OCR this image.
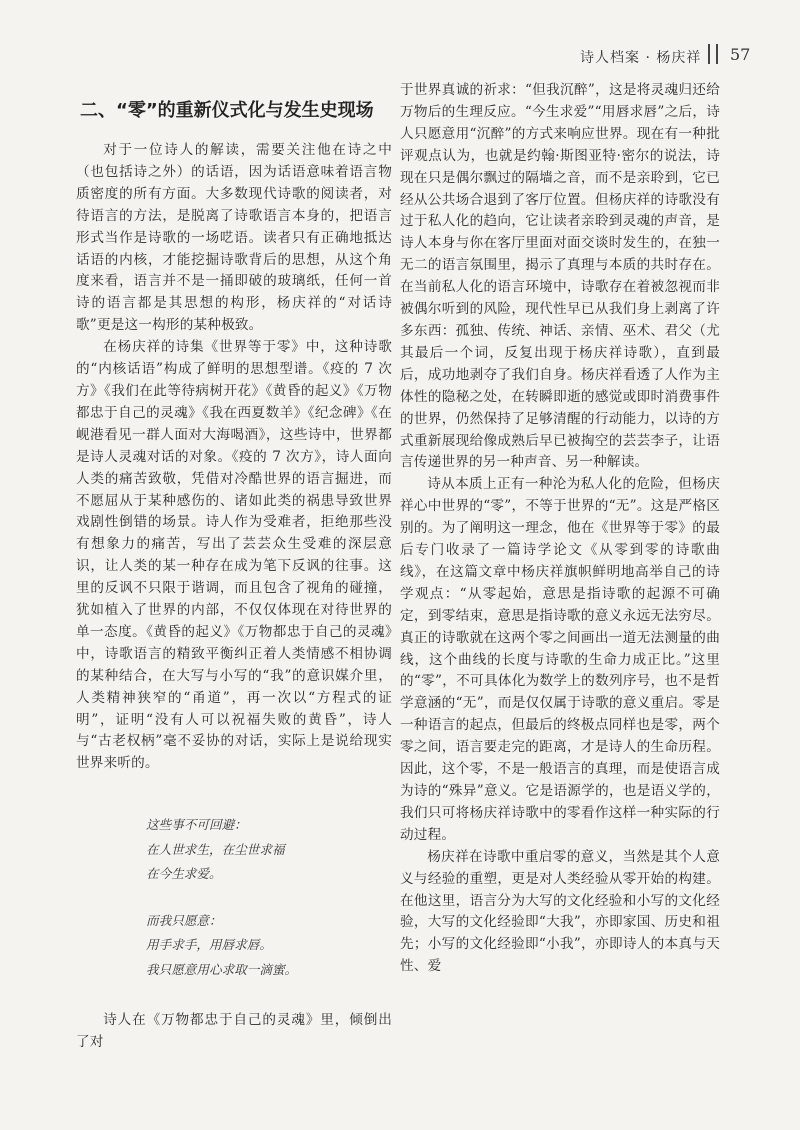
诗人档案 · 杨庆祥 57
二、“零”的重新仪式化与发生史现场

对于一位诗人的解读，需要关注他在诗之中（也包括诗之外）的话语，因为话语意味着语言物质密度的所有方面。大多数现代诗歌的阅读者，对待语言的方法，是脱离了诗歌语言本身的，把语言形式当作是诗歌的一场呓语。读者只有正确地抵达话语的内核，才能挖掘诗歌背后的思想，从这个角度来看，语言并不是一捅即破的玻璃纸，任何一首诗的语言都是其思想的构形，杨庆祥的“对话诗歌”更是这一构形的某种极致。

在杨庆祥的诗集《世界等于零》中，这种诗歌的“内核话语”构成了鲜明的思想型谱。《疫的 7 次方》《我们在此等待病树开花》《黄昏的起义》《万物都忠于自己的灵魂》《我在西夏数羊》《纪念碑》《在岘港看见一群人面对大海喝酒》，这些诗中，世界都是诗人灵魂对话的对象。《疫的 7 次方》，诗人面向人类的痛苦致敬，凭借对冷酷世界的语言掘进，而不愿屈从于某种感伤的、诸如此类的祸患导致世界戏剧性倒错的场景。诗人作为受难者，拒绝那些没有想象力的痛苦，写出了芸芸众生受难的深层意识，让人类的某一种存在成为笔下反讽的往事。这里的反讽不只限于谐调，而且包含了视角的碰撞，犹如植入了世界的内部，不仅仅体现在对待世界的单一态度。《黄昏的起义》《万物都忠于自己的灵魂》中，诗歌语言的精致平衡纠正着人类情感不相协调的某种结合，在大写与小写的“我”的意识媒介里，人类精神狭窄的“甬道”，再一次以“方程式的证明”，证明“没有人可以祝福失败的黄昏”，诗人与“古老权柄”毫不妥协的对话，实际上是说给现实世界来听的。

这些事不可回避：
在人世求生，在尘世求福
在今生求爱。
而我只愿意：
用手求手，用唇求唇。
我只愿意用心求取一滴蜜。

诗人在《万物都忠于自己的灵魂》里，倾倒出了对

于世界真诚的祈求：“但我沉醉”，这是将灵魂归还给万物后的生理反应。“今生求爱”“用唇求唇”之后，诗人只愿意用“沉醉”的方式来响应世界。现在有一种批评观点认为，也就是约翰·斯图亚特·密尔的说法，诗现在只是偶尔飘过的隔墙之音，而不是亲聆到，它已经从公共场合退到了客厅位置。但杨庆祥的诗歌没有过于私人化的趋向，它让读者亲聆到灵魂的声音，是诗人本身与你在客厅里面对面交谈时发生的，在独一无二的语言氛围里，揭示了真理与本质的共时存在。在当前私人化的语言环境中，诗歌存在着被忽视而非被偶尔听到的风险，现代性早已从我们身上剥离了许多东西：孤独、传统、神话、亲情、巫术、君父（尤其最后一个词，反复出现于杨庆祥诗歌），直到最后，成功地剥夺了我们自身。杨庆祥看透了人作为主体性的隐秘之处，在转瞬即逝的感觉或即时消费事件的世界，仍然保持了足够清醒的行动能力，以诗的方式重新展现给像成熟后早已被掏空的芸芸李子，让语言传递世界的另一种声音、另一种解读。

诗从本质上正有一种沦为私人化的危险，但杨庆祥心中世界的“零”，不等于世界的“无”。这是严格区别的。为了阐明这一理念，他在《世界等于零》的最后专门收录了一篇诗学论文《从零到零的诗歌曲线》，在这篇文章中杨庆祥旗帜鲜明地高举自己的诗学观点：“从零起始，意思是指诗歌的起源不可确定，到零结束，意思是指诗歌的意义永远无法穷尽。真正的诗歌就在这两个零之间画出一道无法测量的曲线，这个曲线的长度与诗歌的生命力成正比。”这里的“零”，不可具体化为数学上的数列序号，也不是哲学意涵的“无”，而是仅仅属于诗歌的意义重启。零是一种语言的起点，但最后的终极点同样也是零，两个零之间，语言要走完的距离，才是诗人的生命历程。因此，这个零，不是一般语言的真理，而是使语言成为诗的“殊异”意义。它是语源学的，也是语义学的，我们只可将杨庆祥诗歌中的零看作这样一种实际的行动过程。

杨庆祥在诗歌中重启零的意义，当然是其个人意义与经验的重塑，更是对人类经验从零开始的构建。在他这里，语言分为大写的文化经验和小写的文化经验，大写的文化经验即“大我”，亦即家国、历史和祖先；小写的文化经验即“小我”，亦即诗人的本真与天性、爱
